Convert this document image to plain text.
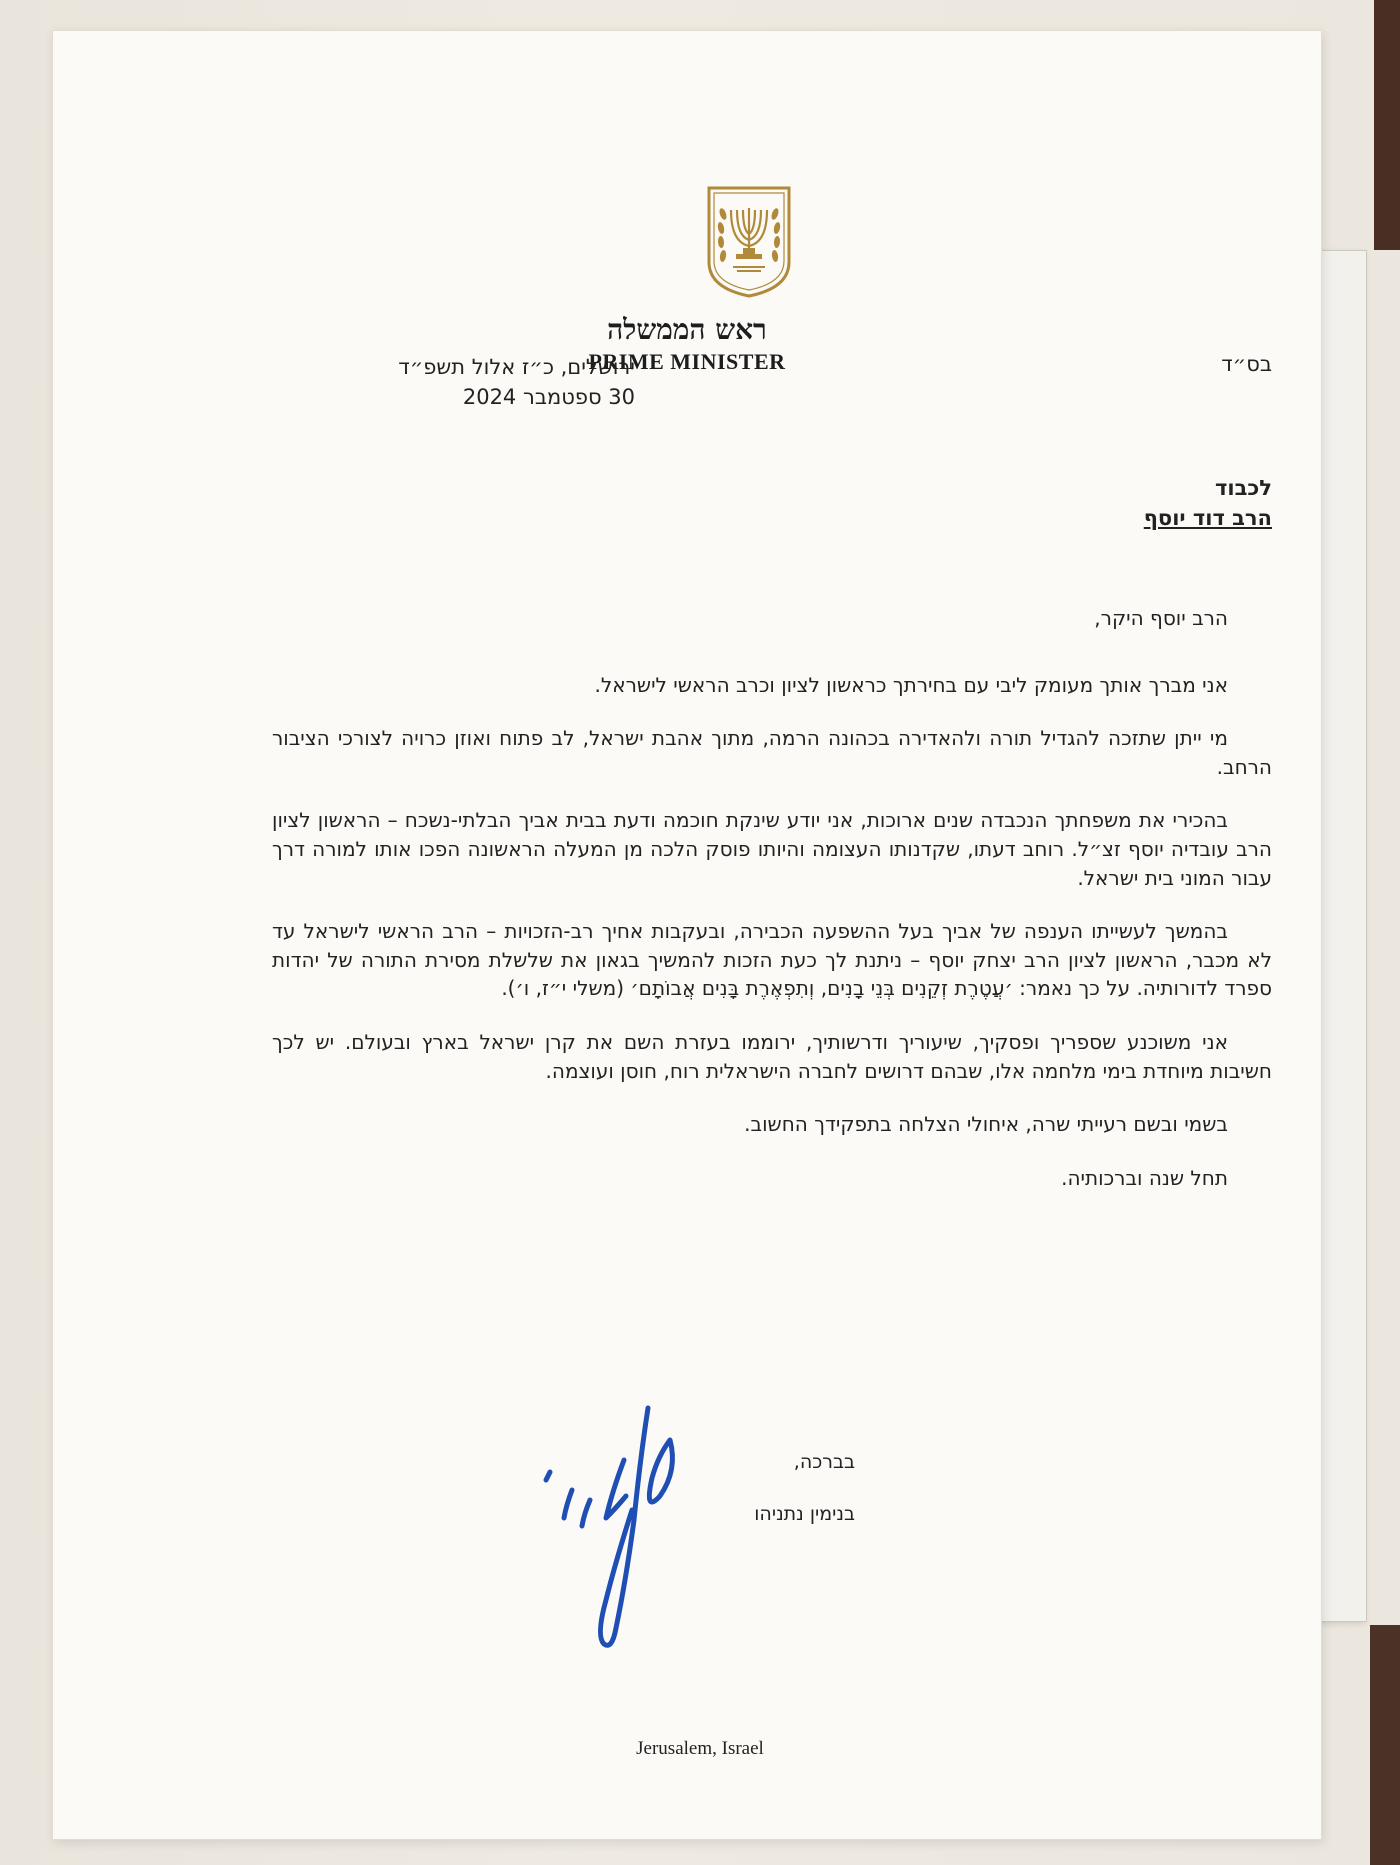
ראש הממשלה
PRIME MINISTER	בס״ד
ירושלים, כ״ז אלול תשפ״ד
30 ספטמבר 2024
לכבוד
הרב דוד יוסף

הרב יוסף היקר,

אני מברך אותך מעומק ליבי עם בחירתך כראשון לציון וכרב הראשי לישראל.

מי ייתן שתזכה להגדיל תורה ולהאדירה בכהונה הרמה, מתוך אהבת ישראל, לב פתוח ואוזן כרויה לצורכי הציבור הרחב.

בהכירי את משפחתך הנכבדה שנים ארוכות, אני יודע שינקת חוכמה ודעת בבית אביך הבלתי-נשכח – הראשון לציון הרב עובדיה יוסף זצ״ל. רוחב דעתו, שקדנותו העצומה והיותו פוסק הלכה מן המעלה הראשונה הפכו אותו למורה דרך עבור המוני בית ישראל.

בהמשך לעשייתו הענפה של אביך בעל ההשפעה הכבירה, ובעקבות אחיך רב-הזכויות – הרב הראשי לישראל עד לא מכבר, הראשון לציון הרב יצחק יוסף – ניתנת לך כעת הזכות להמשיך בגאון את שלשלת מסירת התורה של יהדות ספרד לדורותיה. על כך נאמר: ׳עֲטֶרֶת זְקֵנִים בְּנֵי בָנִים, וְתִפְאֶרֶת בָּנִים אֲבוֹתָם׳ (משלי י״ז, ו׳).

אני משוכנע שספריך ופסקיך, שיעוריך ודרשותיך, ירוממו בעזרת השם את קרן ישראל בארץ ובעולם. יש לכך חשיבות מיוחדת בימי מלחמה אלו, שבהם דרושים לחברה הישראלית רוח, חוסן ועוצמה.

בשמי ובשם רעייתי שרה, איחולי הצלחה בתפקידך החשוב.

תחל שנה וברכותיה.

בברכה,
בנימין נתניהו
Jerusalem, Israel
